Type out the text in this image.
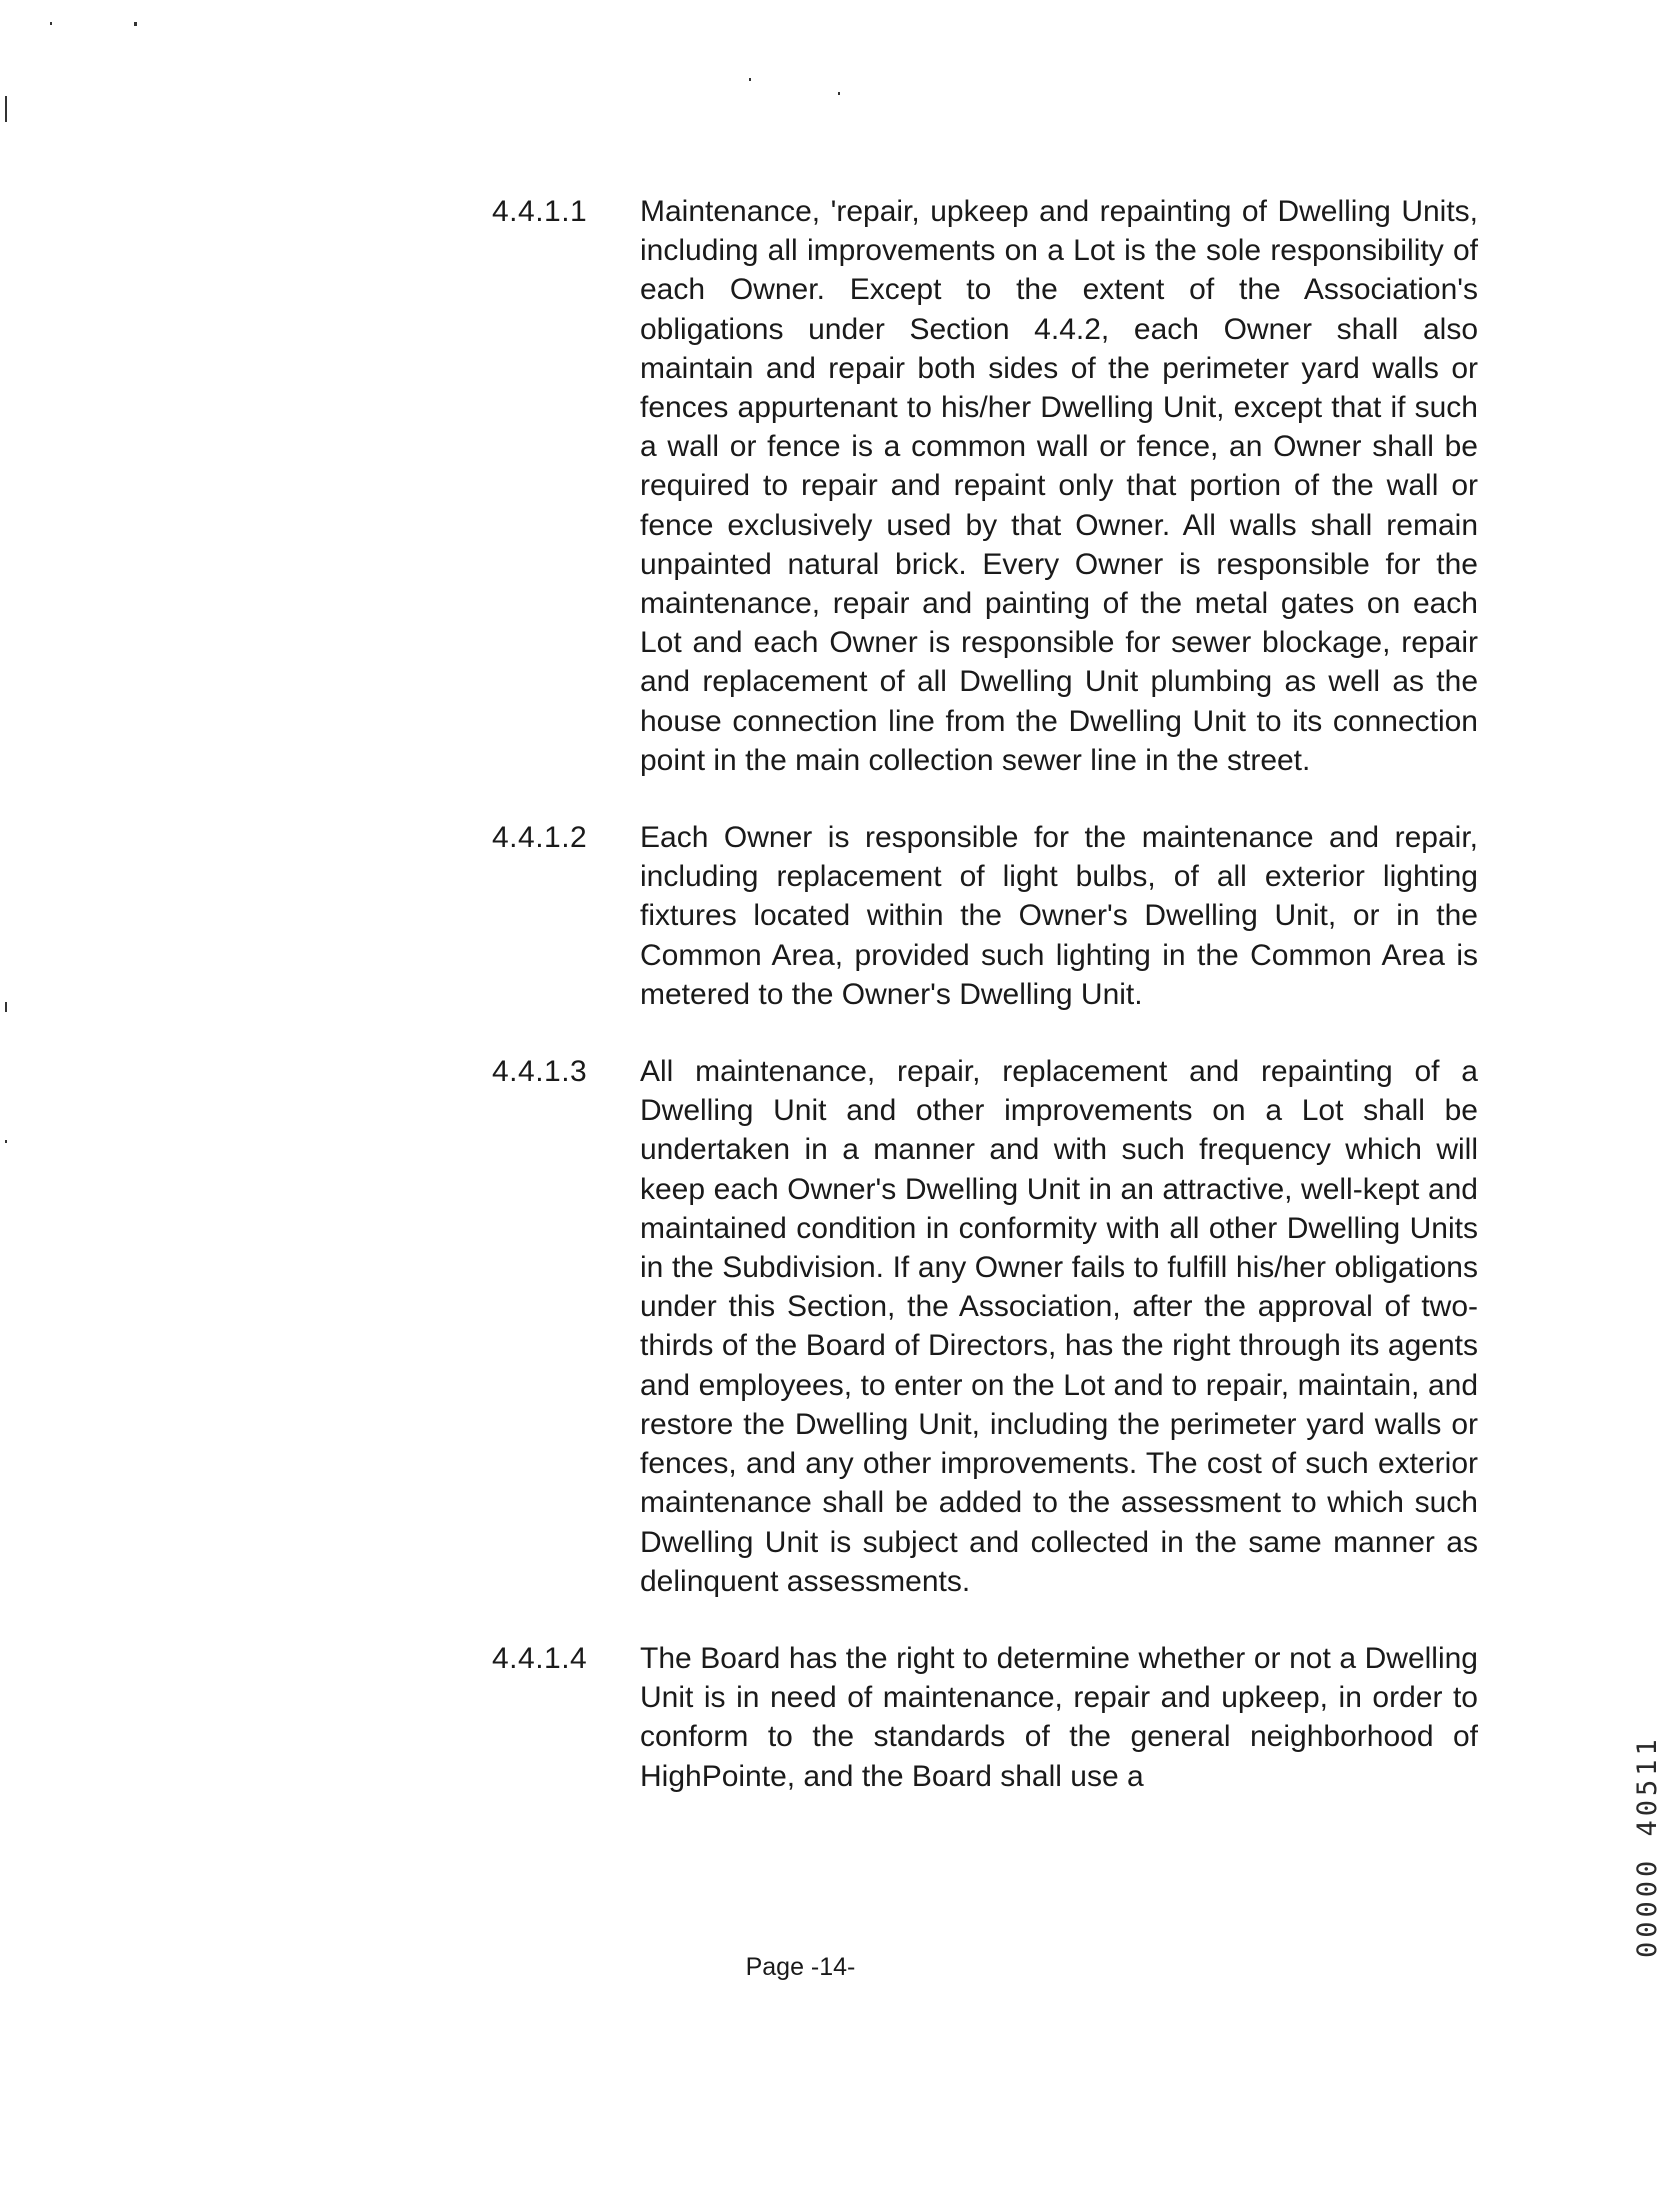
4.4.1.1	Maintenance, 'repair, upkeep and repainting of Dwelling Units, including all improvements on a Lot is the sole responsibility of each Owner. Except to the extent of the Association's obligations under Section 4.4.2, each Owner shall also maintain and repair both sides of the perimeter yard walls or fences appurtenant to his/her Dwelling Unit, except that if such a wall or fence is a common wall or fence, an Owner shall be required to repair and repaint only that portion of the wall or fence exclusively used by that Owner. All walls shall remain unpainted natural brick. Every Owner is responsible for the maintenance, repair and painting of the metal gates on each Lot and each Owner is responsible for sewer blockage, repair and replacement of all Dwelling Unit plumbing as well as the house connection line from the Dwelling Unit to its connection point in the main collection sewer line in the street.
4.4.1.2	Each Owner is responsible for the maintenance and repair, including replacement of light bulbs, of all exterior lighting fixtures located within the Owner's Dwelling Unit, or in the Common Area, provided such lighting in the Common Area is metered to the Owner's Dwelling Unit.
4.4.1.3	All maintenance, repair, replacement and repainting of a Dwelling Unit and other improvements on a Lot shall be undertaken in a manner and with such frequency which will keep each Owner's Dwelling Unit in an attractive, well-kept and maintained condition in conformity with all other Dwelling Units in the Subdivision. If any Owner fails to fulfill his/her obligations under this Section, the Association, after the approval of two-thirds of the Board of Directors, has the right through its agents and employees, to enter on the Lot and to repair, maintain, and restore the Dwelling Unit, including the perimeter yard walls or fences, and any other improvements. The cost of such exterior maintenance shall be added to the assessment to which such Dwelling Unit is subject and collected in the same manner as delinquent assessments.
4.4.1.4	The Board has the right to determine whether or not a Dwelling Unit is in need of maintenance, repair and upkeep, in order to conform to the standards of the general neighborhood of HighPointe, and the Board shall use a
Page -14-
00000 40511
